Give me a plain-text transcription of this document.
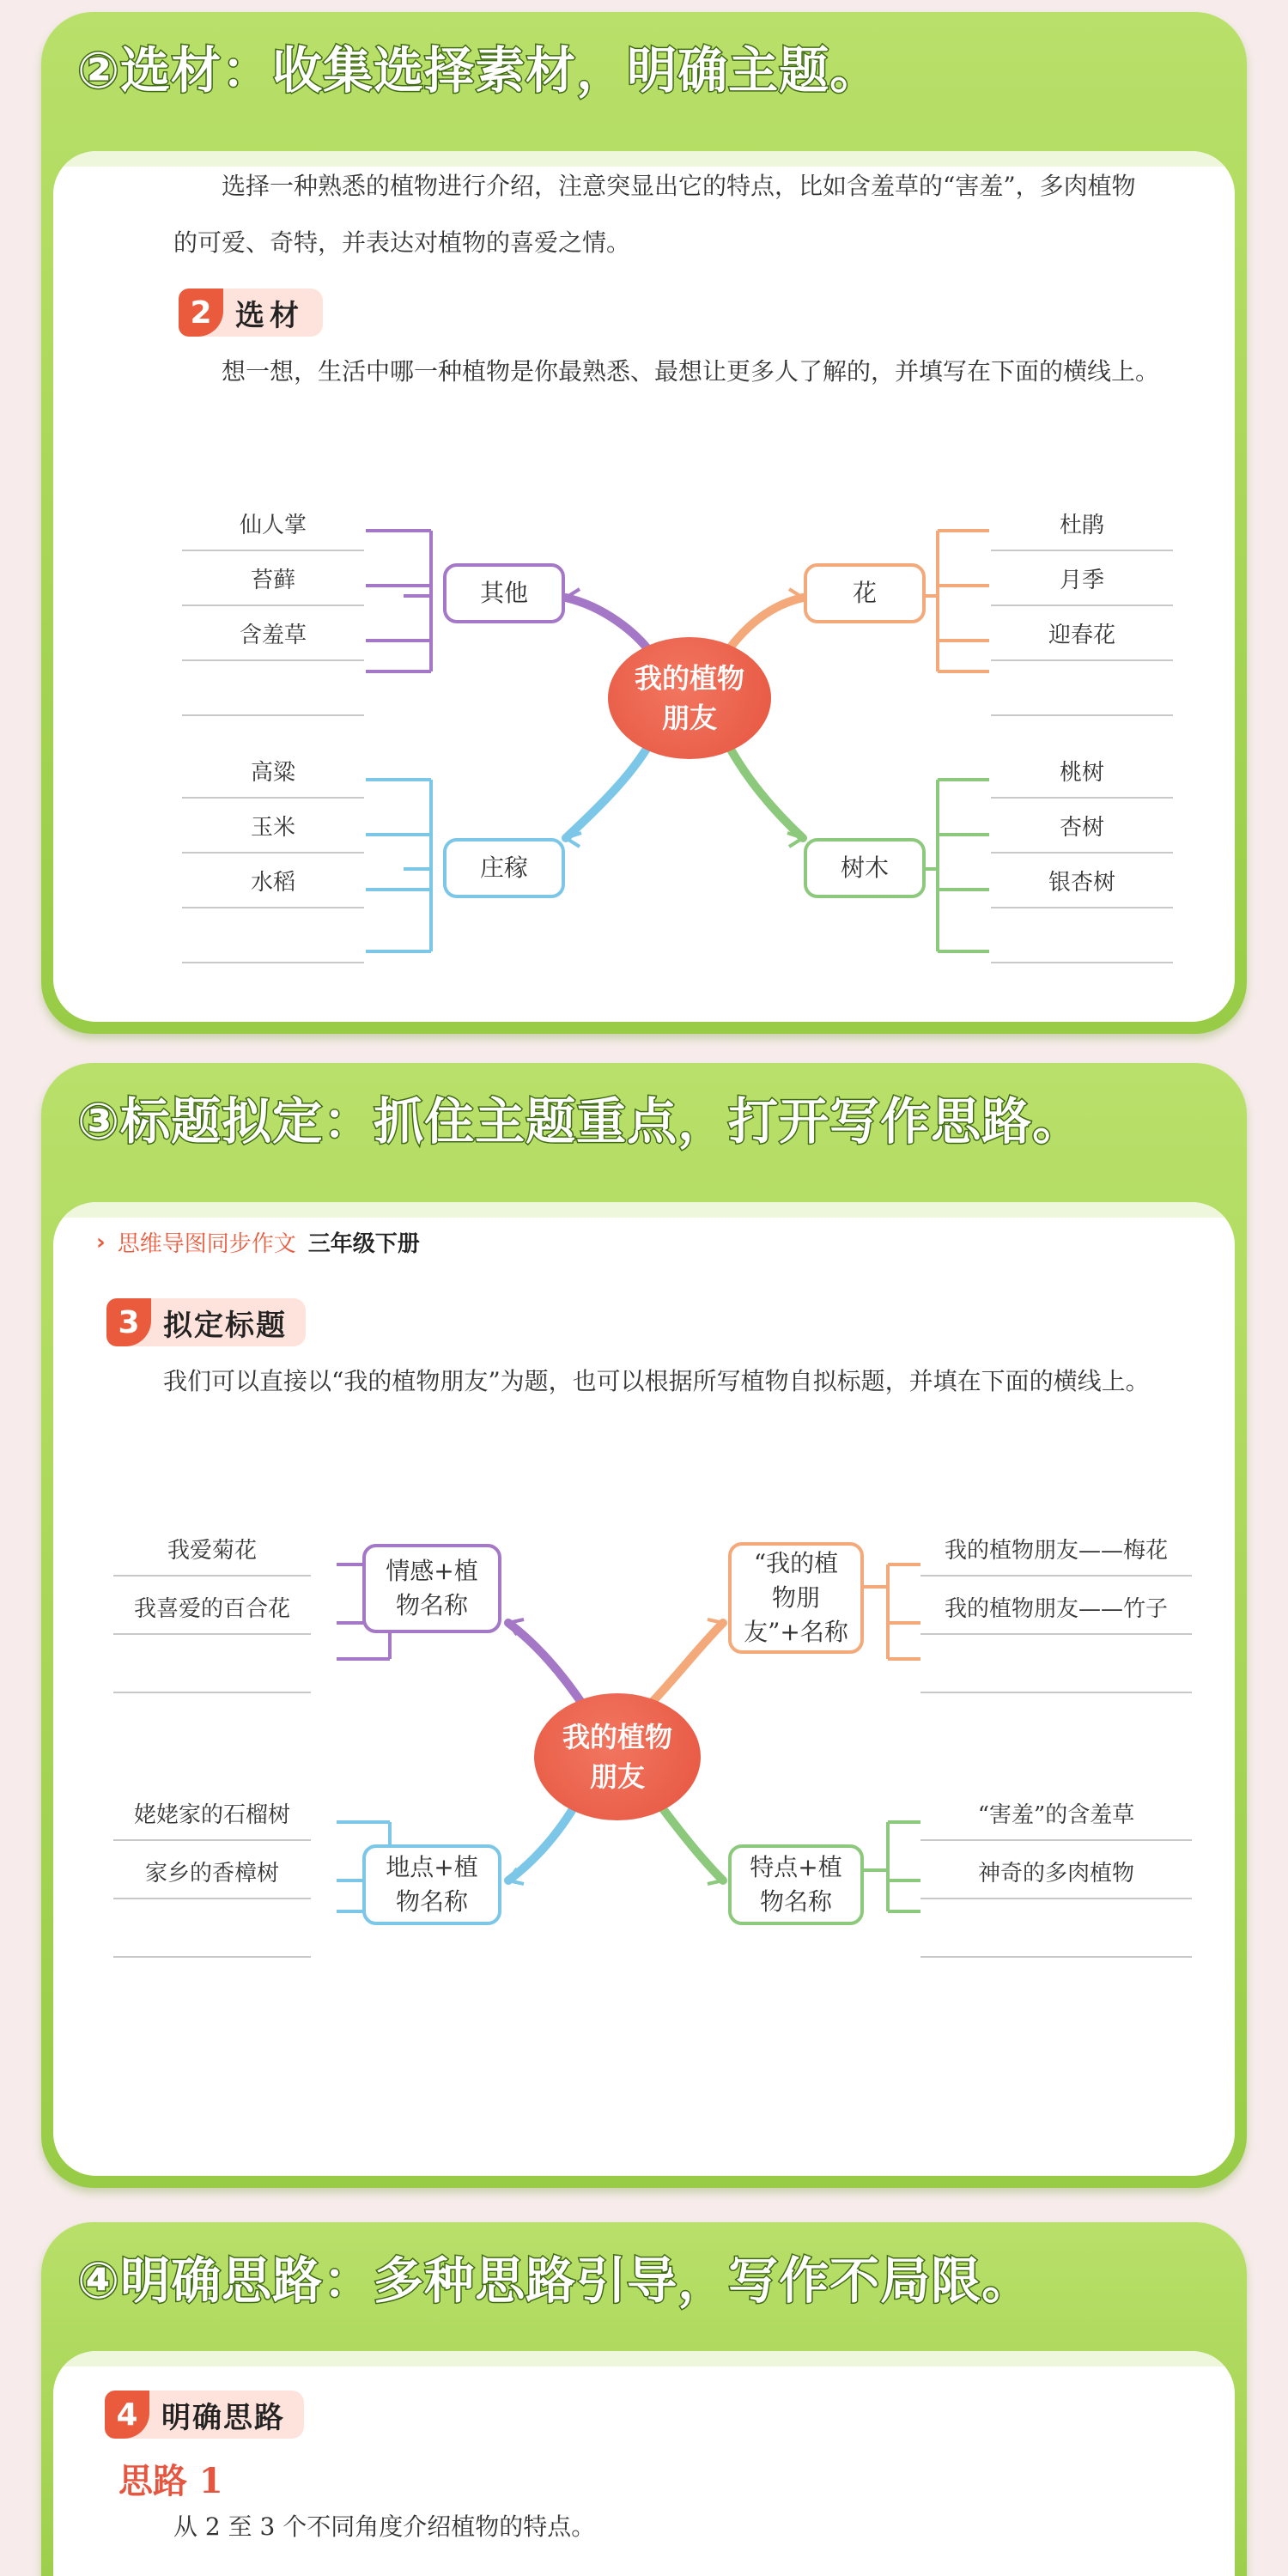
②选材：收集选择素材，明确主题。
选择一种熟悉的植物进行介绍，注意突显出它的特点，比如含羞草的“害羞”，多肉植物的可爱、奇特，并表达对植物的喜爱之情。
2 选材
想一想，生活中哪一种植物是你最熟悉、最想让更多人了解的，并填写在下面的横线上。
仙人掌
苔藓
含羞草
其他
高粱
玉米
水稻
庄稼
花
杜鹃
月季
迎春花
树木
桃树
杏树
银杏树
我的植物朋友
③标题拟定：抓住主题重点，打开写作思路。
› 思维导图同步作文 三年级下册
3 拟定标题
我们可以直接以“我的植物朋友”为题，也可以根据所写植物自拟标题，并填在下面的横线上。
我爱菊花
我喜爱的百合花
情感+植物名称
姥姥家的石榴树
家乡的香樟树	地点+植物名称
“我的植物朋友”+名称
我的植物朋友——梅花
我的植物朋友——竹子
特点+植物名称
“害羞”的含羞草
神奇的多肉植物
我的植物朋友
④明确思路：多种思路引导，写作不局限。
4 明确思路
思路 1
从 2 至 3 个不同角度介绍植物的特点。
